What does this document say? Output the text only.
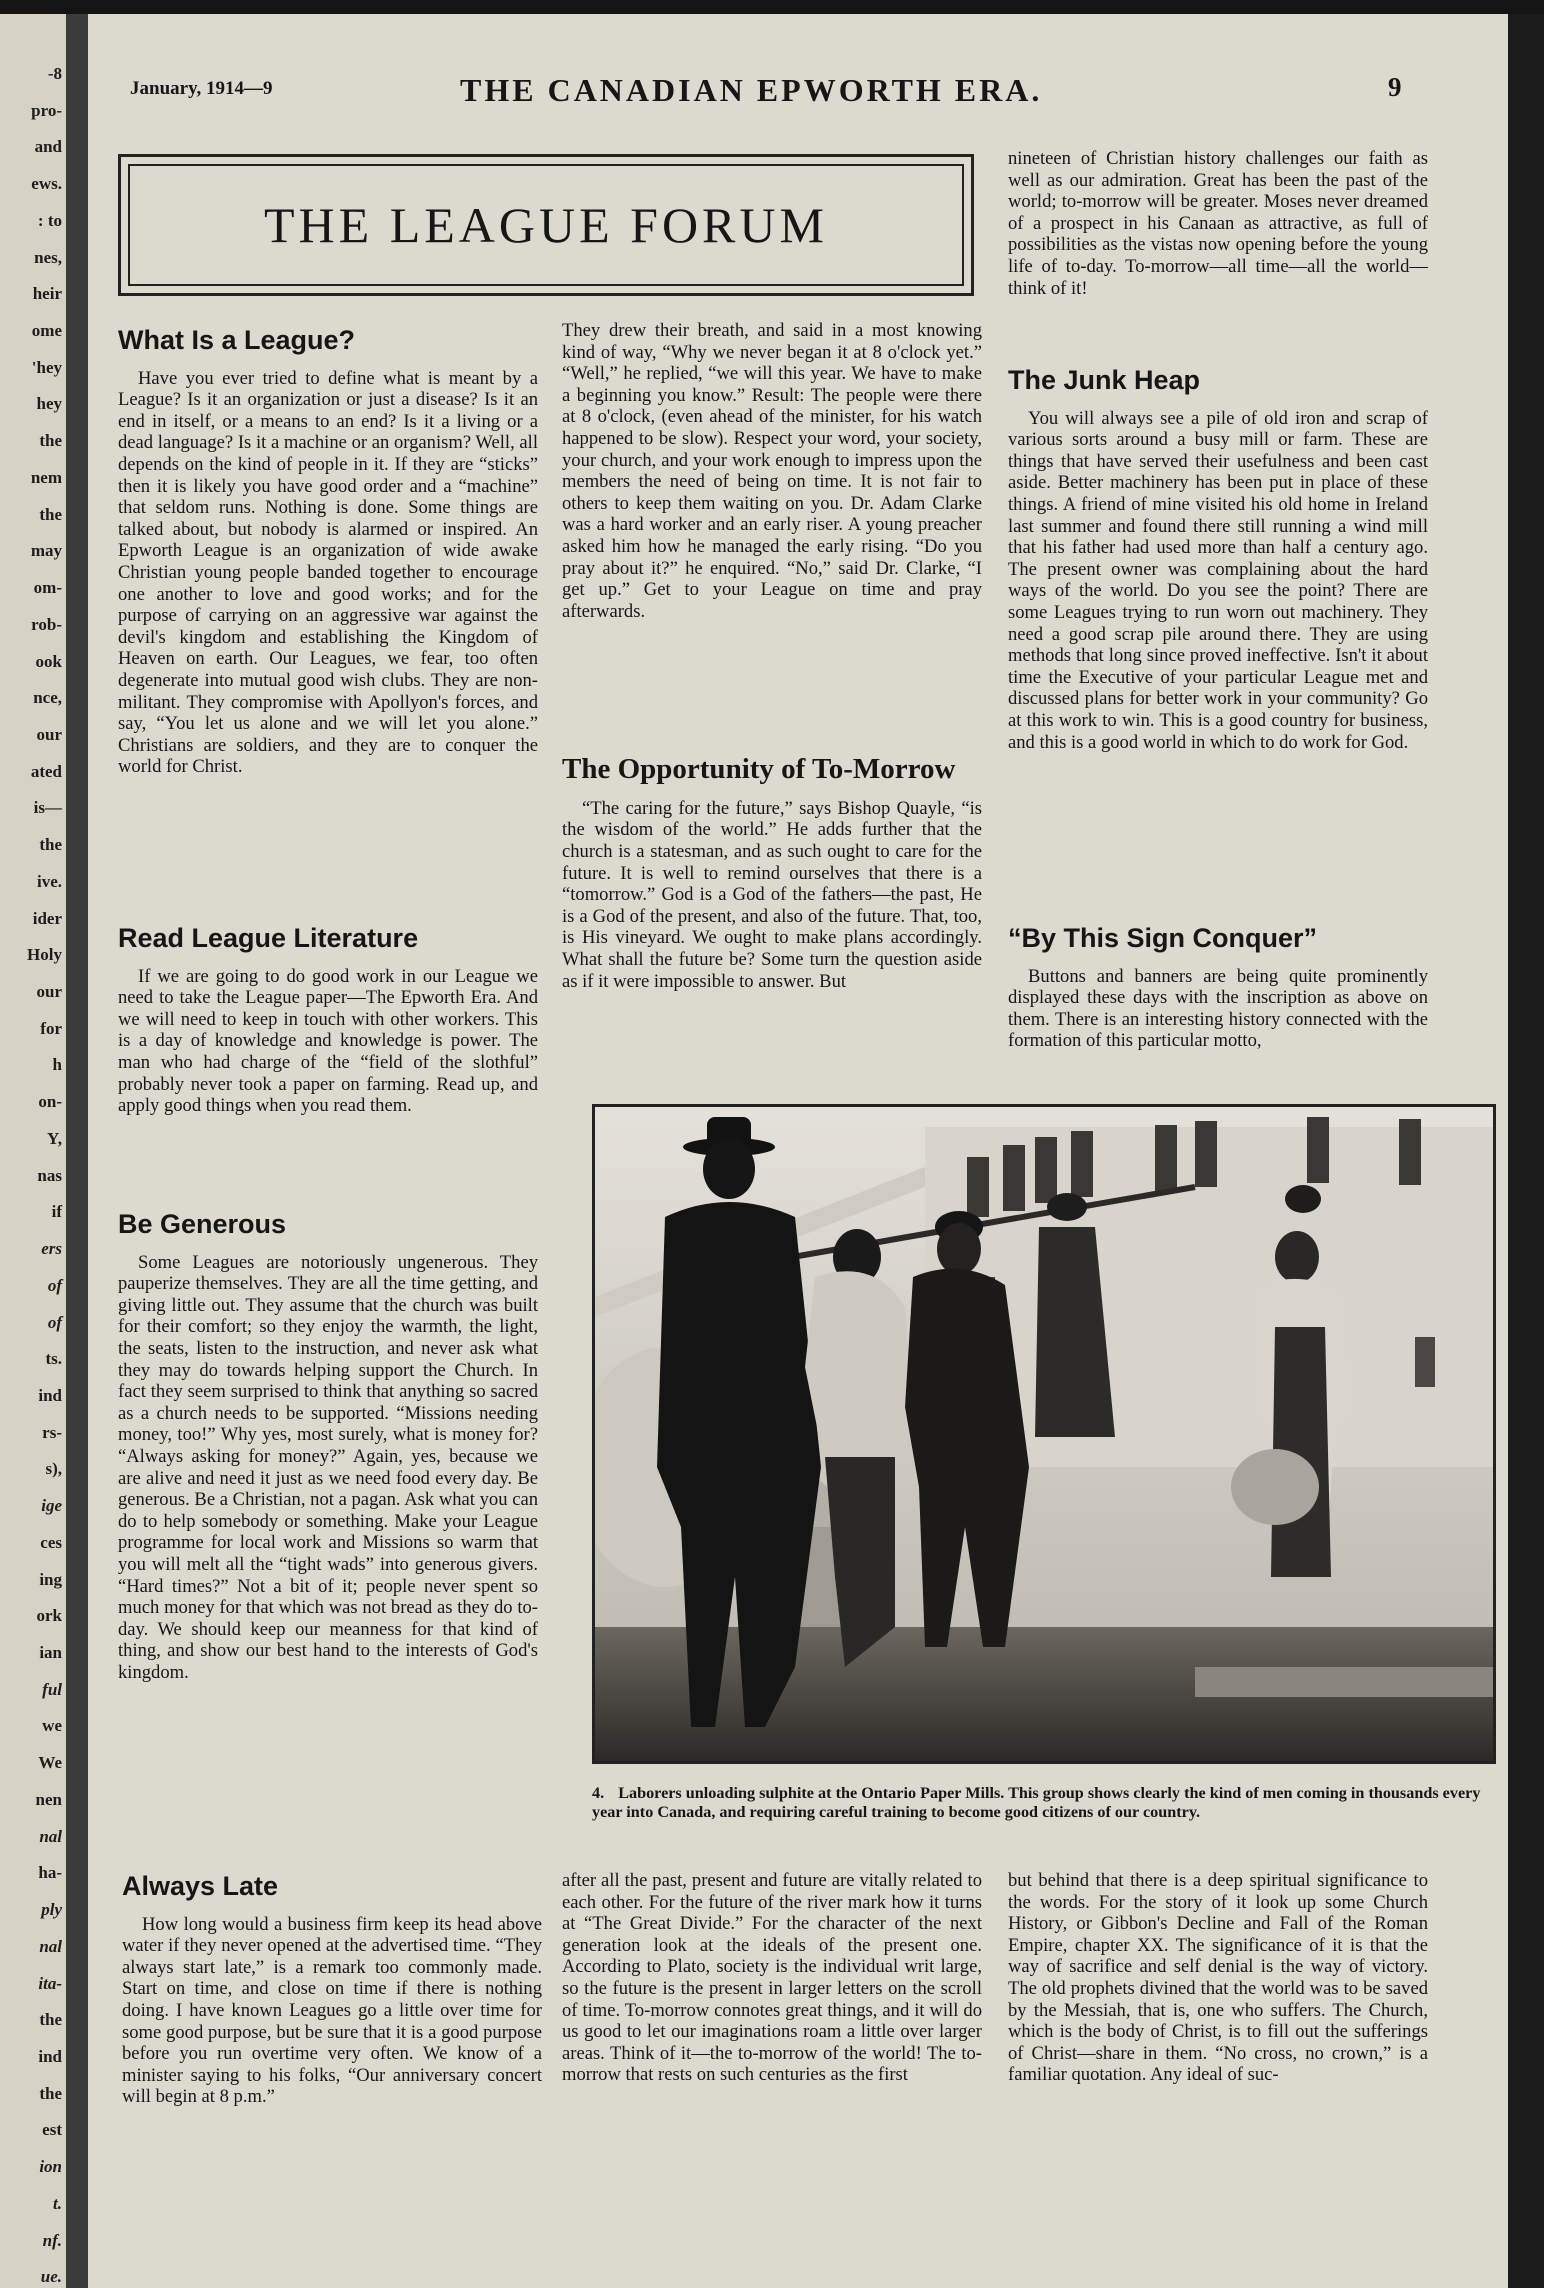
-8
pro-
and
ews.
: to
nes,
heir
ome
'hey
hey
the
nem
the
may
om-
rob-
ook
nce,
our
ated
is—
the
ive.
ider
Holy
our
for
h
on-
Y,
nas
if
ers
of
of
ts.
ind
rs-
s),
ige
ces
ing
ork
ian
ful
we
We
nen
nal
ha-
ply
nal
ita-
the
ind
the
est
ion
t.
nf.
ue.
January, 1914—9	THE CANADIAN EPWORTH ERA.	9
THE LEAGUE FORUM
What Is a League?

Have you ever tried to define what is meant by a League? Is it an organization or just a disease? Is it an end in itself, or a means to an end? Is it a living or a dead language? Is it a machine or an organism? Well, all depends on the kind of people in it. If they are “sticks” then it is likely you have good order and a “machine” that seldom runs. Nothing is done. Some things are talked about, but nobody is alarmed or inspired. An Epworth League is an organization of wide awake Christian young people banded together to encourage one another to love and good works; and for the purpose of carrying on an aggressive war against the devil's kingdom and establishing the Kingdom of Heaven on earth. Our Leagues, we fear, too often degenerate into mutual good wish clubs. They are non-militant. They compromise with Apollyon's forces, and say, “You let us alone and we will let you alone.” Christians are soldiers, and they are to conquer the world for Christ.

Read League Literature

If we are going to do good work in our League we need to take the League paper—The Epworth Era. And we will need to keep in touch with other workers. This is a day of knowledge and knowledge is power. The man who had charge of the “field of the slothful” probably never took a paper on farming. Read up, and apply good things when you read them.

Be Generous

Some Leagues are notoriously ungenerous. They pauperize themselves. They are all the time getting, and giving little out. They assume that the church was built for their comfort; so they enjoy the warmth, the light, the seats, listen to the instruction, and never ask what they may do towards helping support the Church. In fact they seem surprised to think that anything so sacred as a church needs to be supported. “Missions needing money, too!” Why yes, most surely, what is money for? “Always asking for money?” Again, yes, because we are alive and need it just as we need food every day. Be generous. Be a Christian, not a pagan. Ask what you can do to help somebody or something. Make your League programme for local work and Missions so warm that you will melt all the “tight wads” into generous givers. “Hard times?” Not a bit of it; people never spent so much money for that which was not bread as they do to-day. We should keep our meanness for that kind of thing, and show our best hand to the interests of God's kingdom.

Always Late

How long would a business firm keep its head above water if they never opened at the advertised time. “They always start late,” is a remark too commonly made. Start on time, and close on time if there is nothing doing. I have known Leagues go a little over time for some good purpose, but be sure that it is a good purpose before you run overtime very often. We know of a minister saying to his folks, “Our anniversary concert will begin at 8 p.m.”

They drew their breath, and said in a most knowing kind of way, “Why we never began it at 8 o'clock yet.” “Well,” he replied, “we will this year. We have to make a beginning you know.” Result: The people were there at 8 o'clock, (even ahead of the minister, for his watch happened to be slow). Respect your word, your society, your church, and your work enough to impress upon the members the need of being on time. It is not fair to others to keep them waiting on you. Dr. Adam Clarke was a hard worker and an early riser. A young preacher asked him how he managed the early rising. “Do you pray about it?” he enquired. “No,” said Dr. Clarke, “I get up.” Get to your League on time and pray afterwards.

The Opportunity of To-Morrow

“The caring for the future,” says Bishop Quayle, “is the wisdom of the world.” He adds further that the church is a statesman, and as such ought to care for the future. It is well to remind ourselves that there is a “tomorrow.” God is a God of the fathers—the past, He is a God of the present, and also of the future. That, too, is His vineyard. We ought to make plans accordingly. What shall the future be? Some turn the question aside as if it were impossible to answer. But

after all the past, present and future are vitally related to each other. For the future of the river mark how it turns at “The Great Divide.” For the character of the next generation look at the ideals of the present one. According to Plato, society is the individual writ large, so the future is the present in larger letters on the scroll of time. To-morrow connotes great things, and it will do us good to let our imaginations roam a little over larger areas. Think of it—the to-morrow of the world! The to-morrow that rests on such centuries as the first

nineteen of Christian history challenges our faith as well as our admiration. Great has been the past of the world; to-morrow will be greater. Moses never dreamed of a prospect in his Canaan as attractive, as full of possibilities as the vistas now opening before the young life of to-day. To-morrow—all time—all the world—think of it!

The Junk Heap

You will always see a pile of old iron and scrap of various sorts around a busy mill or farm. These are things that have served their usefulness and been cast aside. Better machinery has been put in place of these things. A friend of mine visited his old home in Ireland last summer and found there still running a wind mill that his father had used more than half a century ago. The present owner was complaining about the hard ways of the world. Do you see the point? There are some Leagues trying to run worn out machinery. They need a good scrap pile around there. They are using methods that long since proved ineffective. Isn't it about time the Executive of your particular League met and discussed plans for better work in your community? Go at this work to win. This is a good country for business, and this is a good world in which to do work for God.

“By This Sign Conquer”

Buttons and banners are being quite prominently displayed these days with the inscription as above on them. There is an interesting history connected with the formation of this particular motto,

but behind that there is a deep spiritual significance to the words. For the story of it look up some Church History, or Gibbon's Decline and Fall of the Roman Empire, chapter XX. The significance of it is that the way of sacrifice and self denial is the way of victory. The old prophets divined that the world was to be saved by the Messiah, that is, one who suffers. The Church, which is the body of Christ, is to fill out the sufferings of Christ—share in them. “No cross, no crown,” is a familiar quotation. Any ideal of suc-

4. Laborers unloading sulphite at the Ontario Paper Mills. This group shows clearly the kind of men coming in thousands every year into Canada, and requiring careful training to become good citizens of our country.
